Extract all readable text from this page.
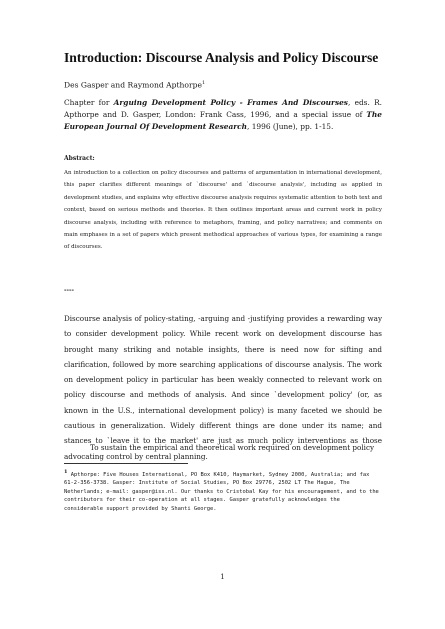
Introduction: Discourse Analysis and Policy Discourse

Des Gasper and Raymond Apthorpe$^1$

Chapter for Arguing Development Policy - Frames And Discourses, eds. R. Apthorpe and D. Gasper, London: Frank Cass, 1996, and a special issue of The European Journal Of Development Research, 1996 (June), pp. 1-15.

Abstract:

An introduction to a collection on policy discourses and patterns of argumentation in international development, this paper clarifies different meanings of `discourse' and `discourse analysis', including as applied in development studies, and explains why effective discourse analysis requires systematic attention to both text and context, based on serious methods and theories. It then outlines important areas and current work in policy discourse analysis, including with reference to metaphors, framing, and policy narratives; and comments on main emphases in a set of papers which present methodical approaches of various types, for examining a range of discourses.

----

Discourse analysis of policy-stating, -arguing and -justifying provides a rewarding way to consider development policy. While recent work on development discourse has brought many striking and notable insights, there is need now for sifting and clarification, followed by more searching applications of discourse analysis. The work on development policy in particular has been weakly connected to relevant work on policy discourse and methods of analysis. And since `development policy' (or, as known in the U.S., international development policy) is many faceted we should be cautious in generalization. Widely different things are done under its name; and stances to `leave it to the market' are just as much policy interventions as those advocating control by central planning.

To sustain the empirical and theoretical work required on development policy

$^1$ Apthorpe: Five Houses International, PO Box K410, Haymarket, Sydney 2000, Australia; and fax 61-2-356-3738. Gasper: Institute of Social Studies, PO Box 29776, 2502 LT The Hague, The Netherlands; e-mail: gasper@iss.nl. Our thanks to Cristobal Kay for his encouragement, and to the contributors for their co-operation at all stages. Gasper gratefully acknowledges the considerable support provided by Shanti George.

1
